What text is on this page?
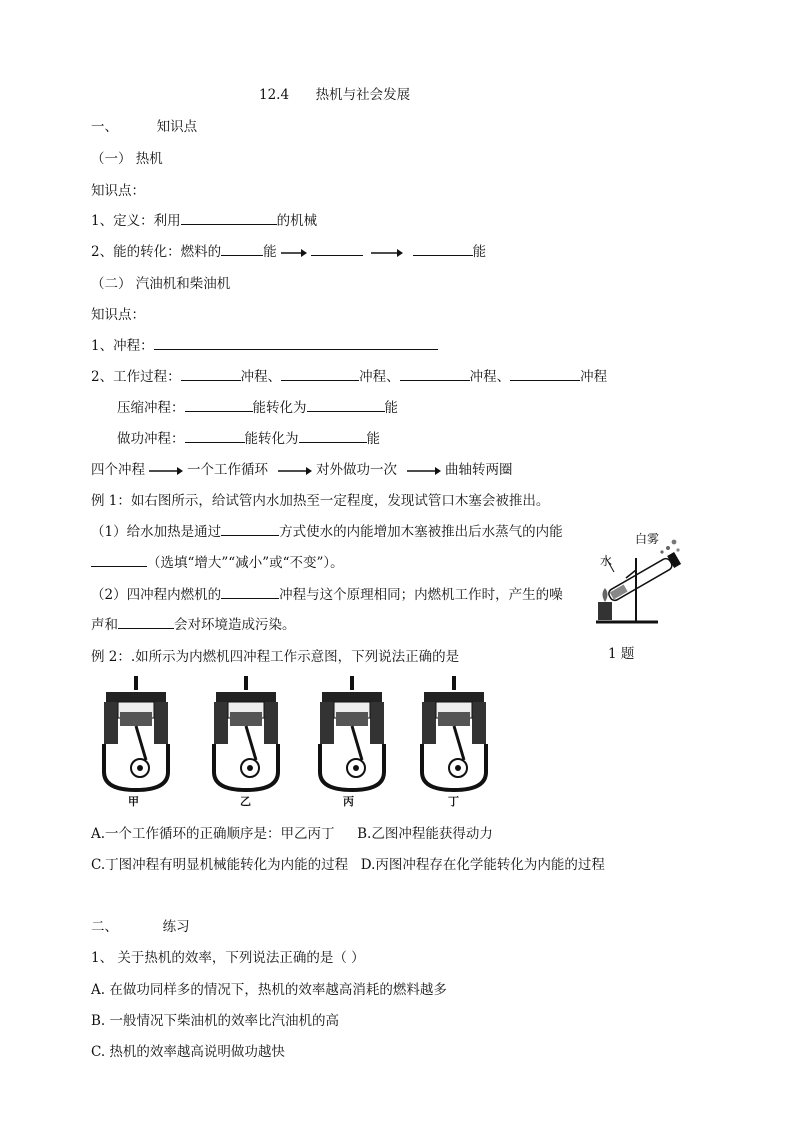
12.4 热机与社会发展
一、	知识点
（一） 热机
知识点：
1、定义：利用	的机械
2、能的转化：燃料的	能	能
（二） 汽油机和柴油机
知识点：
1、冲程：
2、工作过程：	冲程、	冲程、	冲程、	冲程
压缩冲程：	能转化为	能
做功冲程：	能转化为	能
四个冲程	一个工作循环	对外做功一次	曲轴转两圈
例 1：如右图所示，给试管内水加热至一定程度，发现试管口木塞会被推出。
（1）给水加热是通过	方式使水的内能增加木塞被推出后水蒸气的内能
（选填“增大”“减小”或“不变”）。
（2）四冲程内燃机的	冲程与这个原理相同；内燃机工作时，产生的噪
声和	会对环境造成污染。
水
白雾
1 题
例 2：.如所示为内燃机四冲程工作示意图，下列说法正确的是
甲	乙	丙	丁
A.一个工作循环的正确顺序是：甲乙丙丁 B.乙图冲程能获得动力
C.丁图冲程有明显机械能转化为内能的过程 D.丙图冲程存在化学能转化为内能的过程
二、	练习
1、 关于热机的效率，下列说法正确的是（ ）
A. 在做功同样多的情况下，热机的效率越高消耗的燃料越多
B. 一般情况下柴油机的效率比汽油机的高
C. 热机的效率越高说明做功越快
